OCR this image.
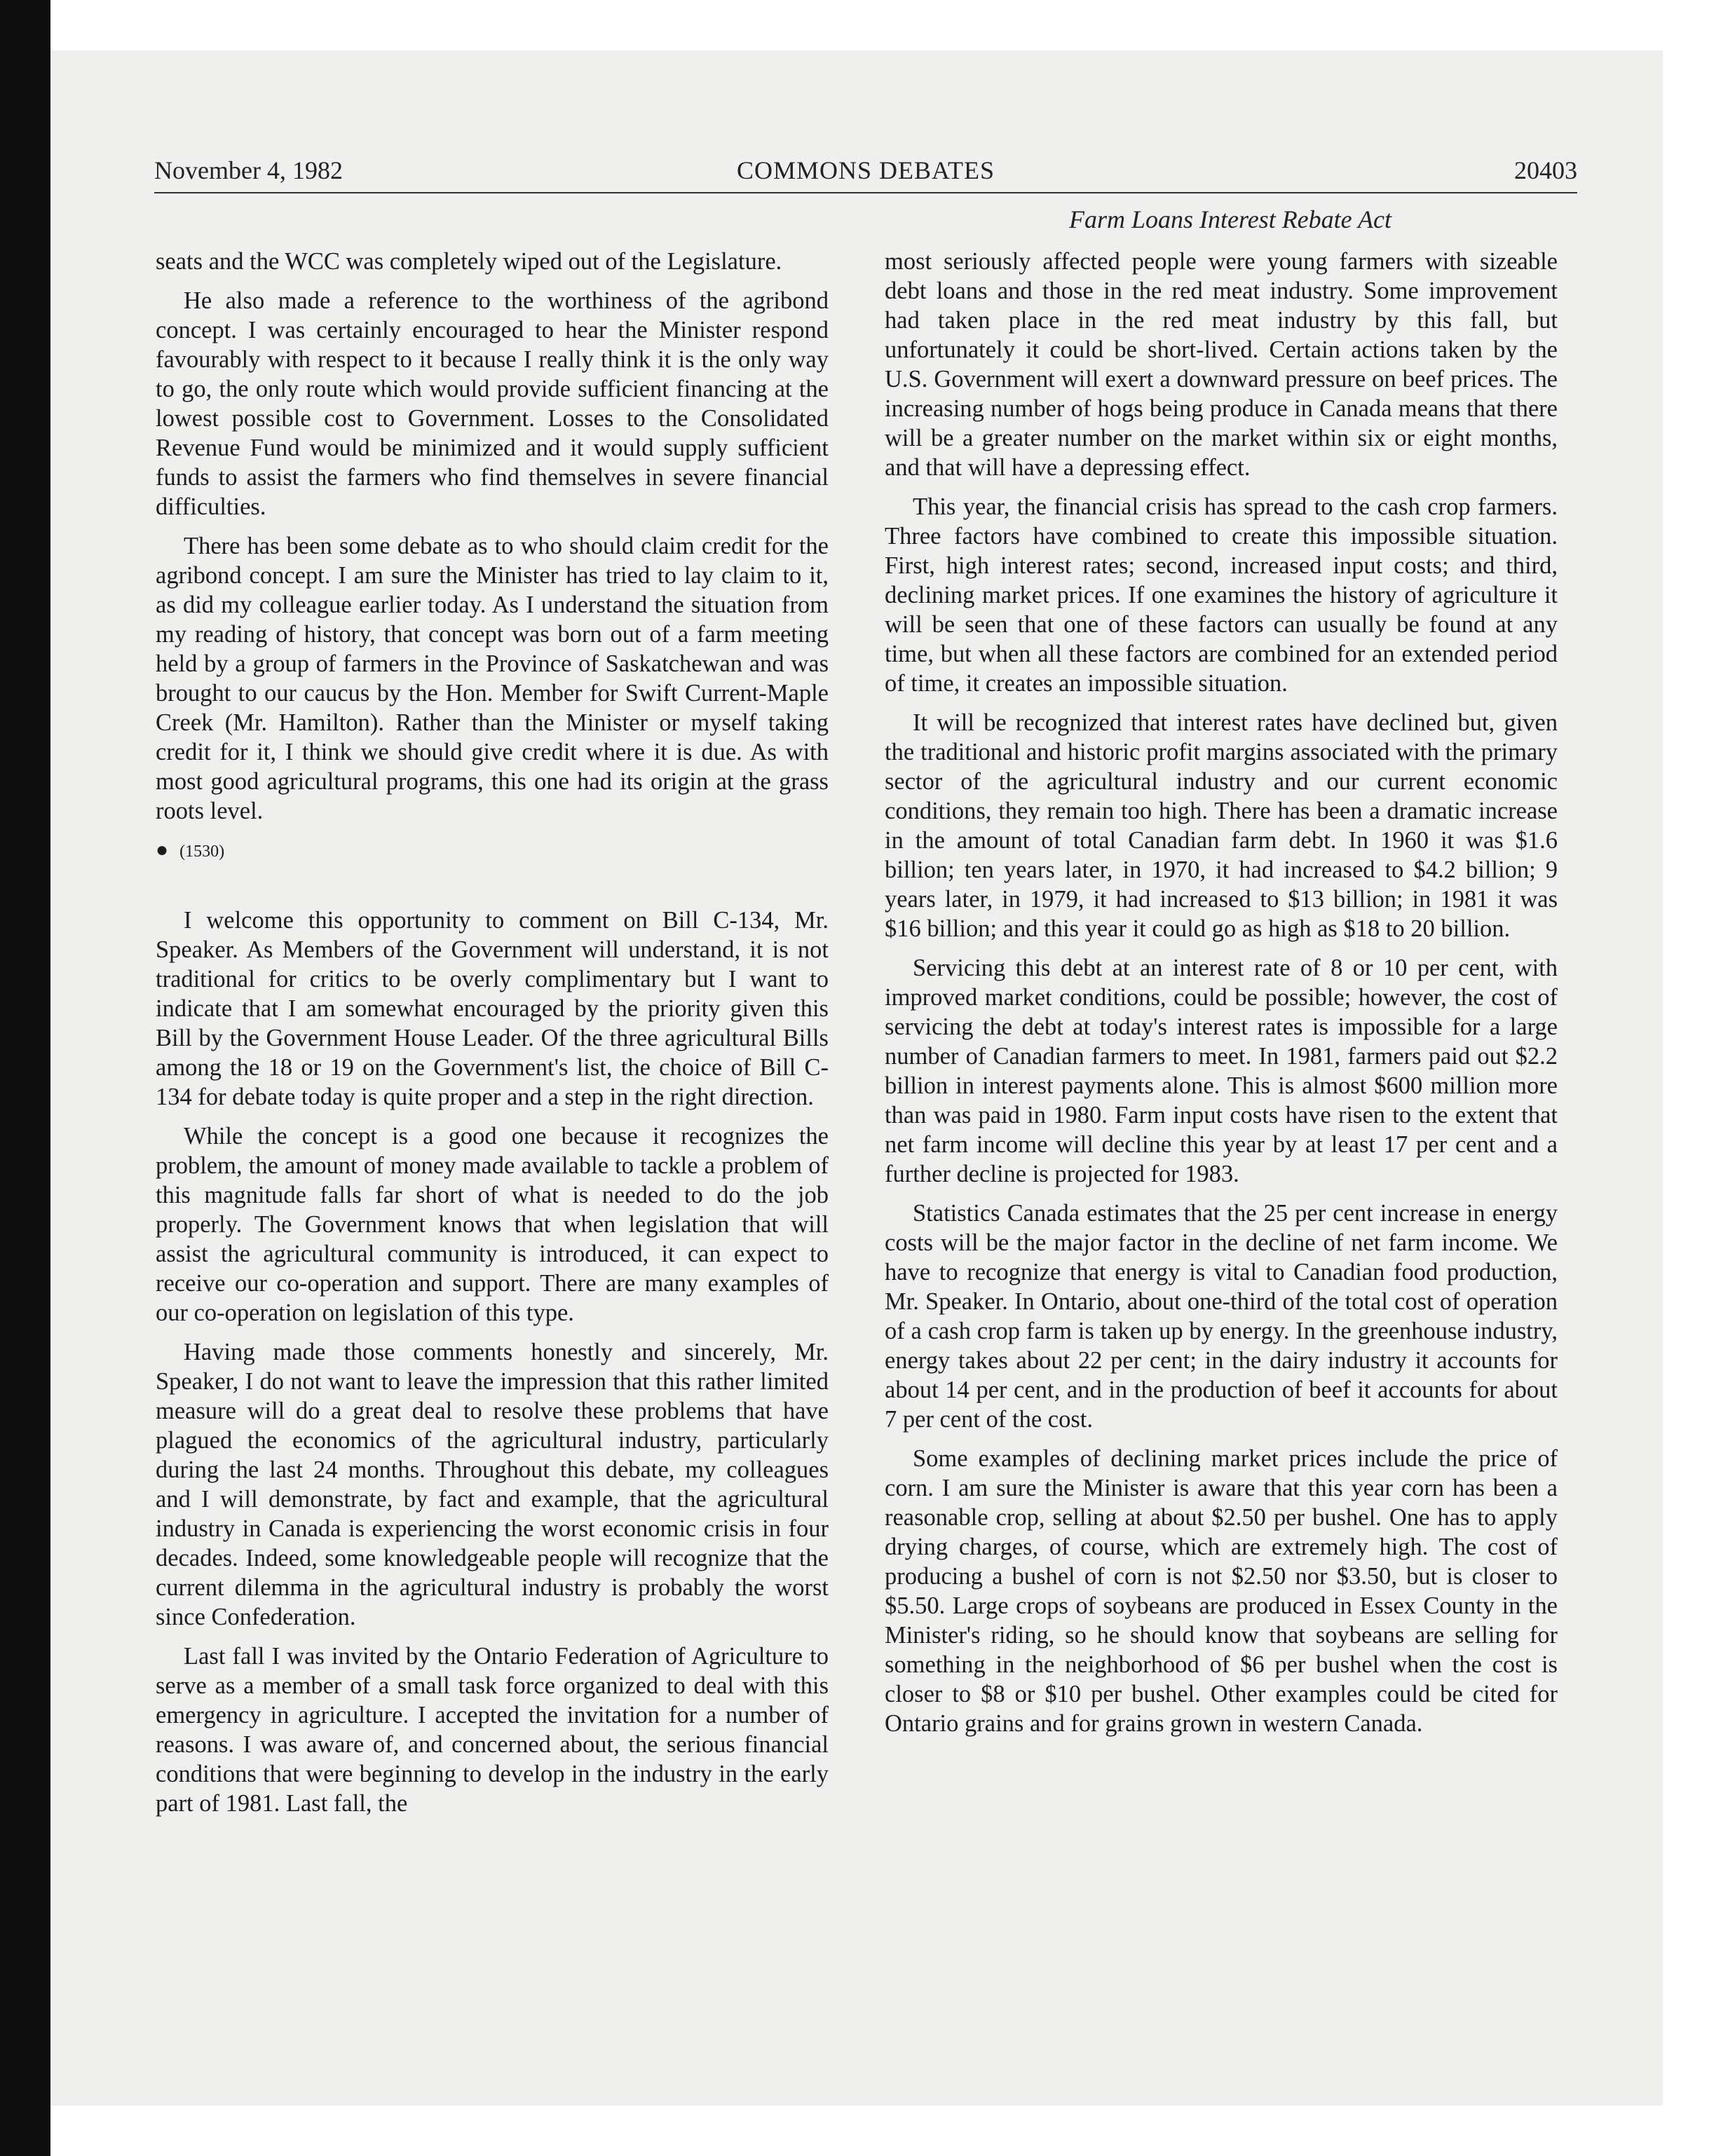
November 4, 1982	COMMONS DEBATES	20403
Farm Loans Interest Rebate Act

seats and the WCC was completely wiped out of the Legislature.

He also made a reference to the worthiness of the agribond concept. I was certainly encouraged to hear the Minister respond favourably with respect to it because I really think it is the only way to go, the only route which would provide sufficient financing at the lowest possible cost to Government. Losses to the Consolidated Revenue Fund would be minimized and it would supply sufficient funds to assist the farmers who find themselves in severe financial difficulties.

There has been some debate as to who should claim credit for the agribond concept. I am sure the Minister has tried to lay claim to it, as did my colleague earlier today. As I understand the situation from my reading of history, that concept was born out of a farm meeting held by a group of farmers in the Province of Saskatchewan and was brought to our caucus by the Hon. Member for Swift Current-Maple Creek (Mr. Hamilton). Rather than the Minister or myself taking credit for it, I think we should give credit where it is due. As with most good agricultural programs, this one had its origin at the grass roots level.

● (1530)

I welcome this opportunity to comment on Bill C-134, Mr. Speaker. As Members of the Government will understand, it is not traditional for critics to be overly complimentary but I want to indicate that I am somewhat encouraged by the priority given this Bill by the Government House Leader. Of the three agricultural Bills among the 18 or 19 on the Government's list, the choice of Bill C-134 for debate today is quite proper and a step in the right direction.

While the concept is a good one because it recognizes the problem, the amount of money made available to tackle a problem of this magnitude falls far short of what is needed to do the job properly. The Government knows that when legislation that will assist the agricultural community is introduced, it can expect to receive our co-operation and support. There are many examples of our co-operation on legislation of this type.

Having made those comments honestly and sincerely, Mr. Speaker, I do not want to leave the impression that this rather limited measure will do a great deal to resolve these problems that have plagued the economics of the agricultural industry, particularly during the last 24 months. Throughout this debate, my colleagues and I will demonstrate, by fact and example, that the agricultural industry in Canada is experiencing the worst economic crisis in four decades. Indeed, some knowledgeable people will recognize that the current dilemma in the agricultural industry is probably the worst since Confederation.

Last fall I was invited by the Ontario Federation of Agriculture to serve as a member of a small task force organized to deal with this emergency in agriculture. I accepted the invitation for a number of reasons. I was aware of, and concerned about, the serious financial conditions that were beginning to develop in the industry in the early part of 1981. Last fall, the

most seriously affected people were young farmers with sizeable debt loans and those in the red meat industry. Some improvement had taken place in the red meat industry by this fall, but unfortunately it could be short-lived. Certain actions taken by the U.S. Government will exert a downward pressure on beef prices. The increasing number of hogs being produce in Canada means that there will be a greater number on the market within six or eight months, and that will have a depressing effect.

This year, the financial crisis has spread to the cash crop farmers. Three factors have combined to create this impossible situation. First, high interest rates; second, increased input costs; and third, declining market prices. If one examines the history of agriculture it will be seen that one of these factors can usually be found at any time, but when all these factors are combined for an extended period of time, it creates an impossible situation.

It will be recognized that interest rates have declined but, given the traditional and historic profit margins associated with the primary sector of the agricultural industry and our current economic conditions, they remain too high. There has been a dramatic increase in the amount of total Canadian farm debt. In 1960 it was $1.6 billion; ten years later, in 1970, it had increased to $4.2 billion; 9 years later, in 1979, it had increased to $13 billion; in 1981 it was $16 billion; and this year it could go as high as $18 to 20 billion.

Servicing this debt at an interest rate of 8 or 10 per cent, with improved market conditions, could be possible; however, the cost of servicing the debt at today's interest rates is impossible for a large number of Canadian farmers to meet. In 1981, farmers paid out $2.2 billion in interest payments alone. This is almost $600 million more than was paid in 1980. Farm input costs have risen to the extent that net farm income will decline this year by at least 17 per cent and a further decline is projected for 1983.

Statistics Canada estimates that the 25 per cent increase in energy costs will be the major factor in the decline of net farm income. We have to recognize that energy is vital to Canadian food production, Mr. Speaker. In Ontario, about one-third of the total cost of operation of a cash crop farm is taken up by energy. In the greenhouse industry, energy takes about 22 per cent; in the dairy industry it accounts for about 14 per cent, and in the production of beef it accounts for about 7 per cent of the cost.

Some examples of declining market prices include the price of corn. I am sure the Minister is aware that this year corn has been a reasonable crop, selling at about $2.50 per bushel. One has to apply drying charges, of course, which are extremely high. The cost of producing a bushel of corn is not $2.50 nor $3.50, but is closer to $5.50. Large crops of soybeans are produced in Essex County in the Minister's riding, so he should know that soybeans are selling for something in the neighborhood of $6 per bushel when the cost is closer to $8 or $10 per bushel. Other examples could be cited for Ontario grains and for grains grown in western Canada.
